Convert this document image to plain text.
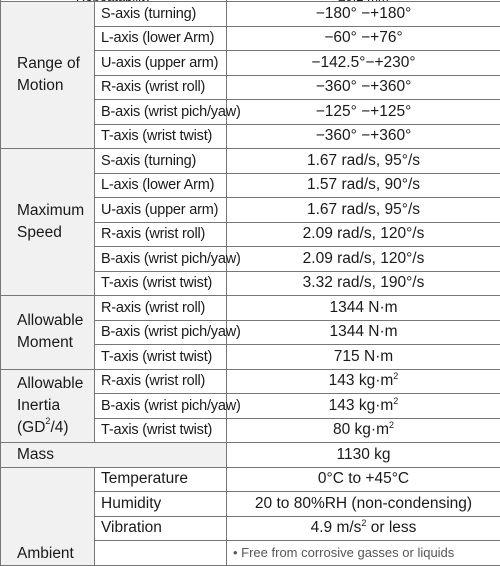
Range of
Motion	S-axis (turning)	−180° −+180°
	L-axis (lower Arm)	−60° −+76°
	U-axis (upper arm)	−142.5°−+230°
	R-axis (wrist roll)	−360° −+360°
	B-axis (wrist pich/yaw)	−125° −+125°
	T-axis (wrist twist)	−360° −+360°
Maximum
Speed	S-axis (turning)	1.67 rad/s, 95°/s
	L-axis (lower Arm)	1.57 rad/s, 90°/s
	U-axis (upper arm)	1.67 rad/s, 95°/s
	R-axis (wrist roll)	2.09 rad/s, 120°/s
	B-axis (wrist pich/yaw)	2.09 rad/s, 120°/s
	T-axis (wrist twist)	3.32 rad/s, 190°/s
Allowable
Moment	R-axis (wrist roll)	1344 N·m
	B-axis (wrist pich/yaw)	1344 N·m
	T-axis (wrist twist)	715 N·m
Allowable
Inertia
$(GD^2/4)$	R-axis (wrist roll)	143 $kg\cdot m^2$
	B-axis (wrist pich/yaw)	143 $kg\cdot m^2$
	T-axis (wrist twist)	80 $kg\cdot m^2$
Mass		1130 kg
Ambient	Temperature	0°C to +45°C
	Humidity	20 to 80%RH (non-condensing)
	Vibration	4.9 $m/s^2$ or less
		• Free from corrosive gasses or liquids
